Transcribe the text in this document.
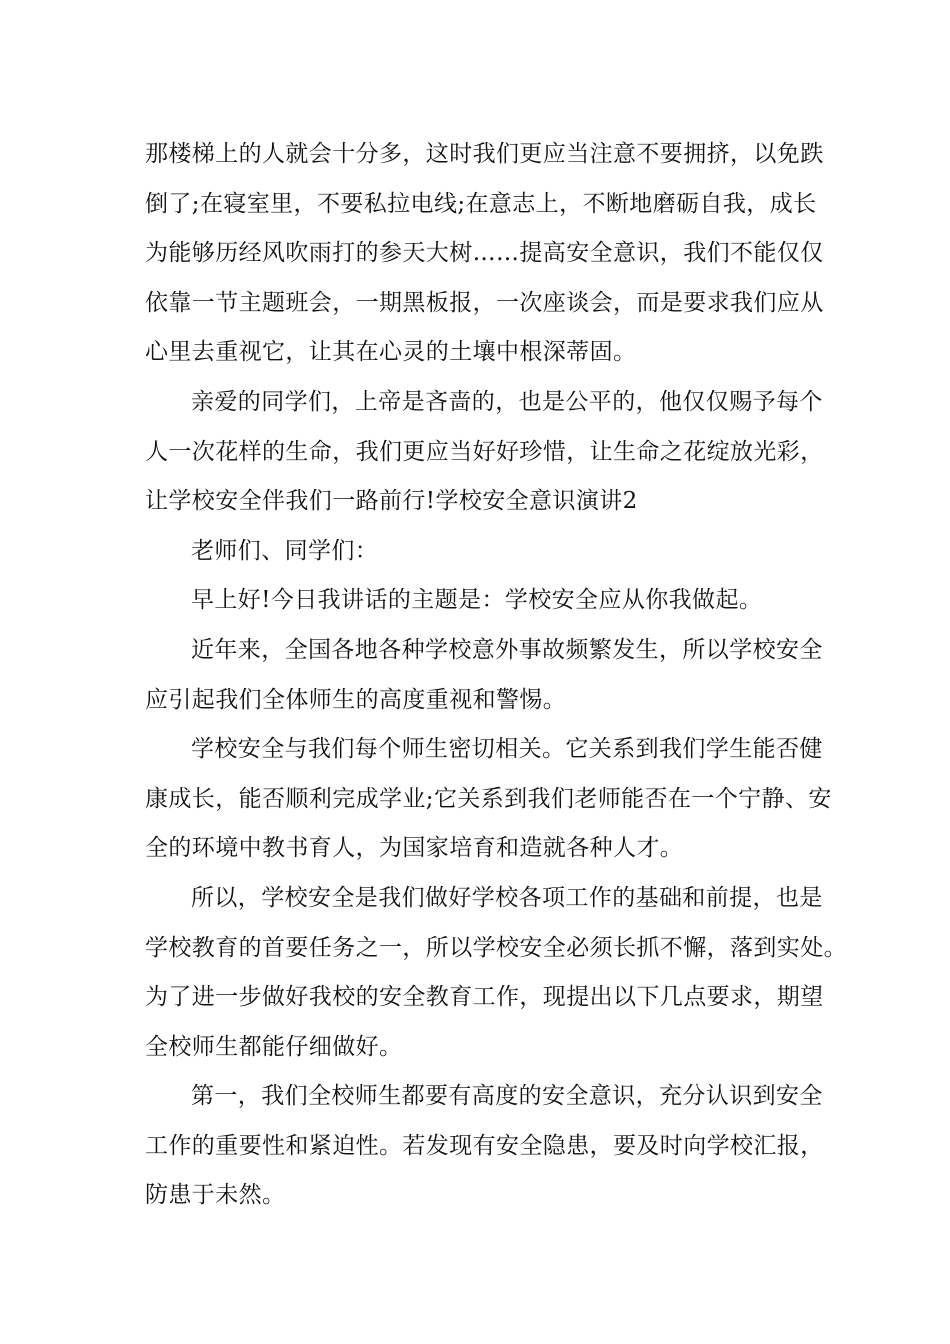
那楼梯上的人就会十分多，这时我们更应当注意不要拥挤，以免跌
倒了;在寝室里，不要私拉电线;在意志上，不断地磨砺自我，成长
为能够历经风吹雨打的参天大树……提高安全意识，我们不能仅仅
依靠一节主题班会，一期黑板报，一次座谈会，而是要求我们应从
心里去重视它，让其在心灵的土壤中根深蒂固。

亲爱的同学们，上帝是吝啬的，也是公平的，他仅仅赐予每个
人一次花样的生命，我们更应当好好珍惜，让生命之花绽放光彩，
让学校安全伴我们一路前行!学校安全意识演讲2

老师们、同学们：

早上好!今日我讲话的主题是：学校安全应从你我做起。

近年来，全国各地各种学校意外事故频繁发生，所以学校安全
应引起我们全体师生的高度重视和警惕。

学校安全与我们每个师生密切相关。它关系到我们学生能否健
康成长，能否顺利完成学业;它关系到我们老师能否在一个宁静、安
全的环境中教书育人，为国家培育和造就各种人才。

所以，学校安全是我们做好学校各项工作的基础和前提，也是
学校教育的首要任务之一，所以学校安全必须长抓不懈，落到实处。
为了进一步做好我校的安全教育工作，现提出以下几点要求，期望
全校师生都能仔细做好。

第一，我们全校师生都要有高度的安全意识，充分认识到安全
工作的重要性和紧迫性。若发现有安全隐患，要及时向学校汇报，
防患于未然。
